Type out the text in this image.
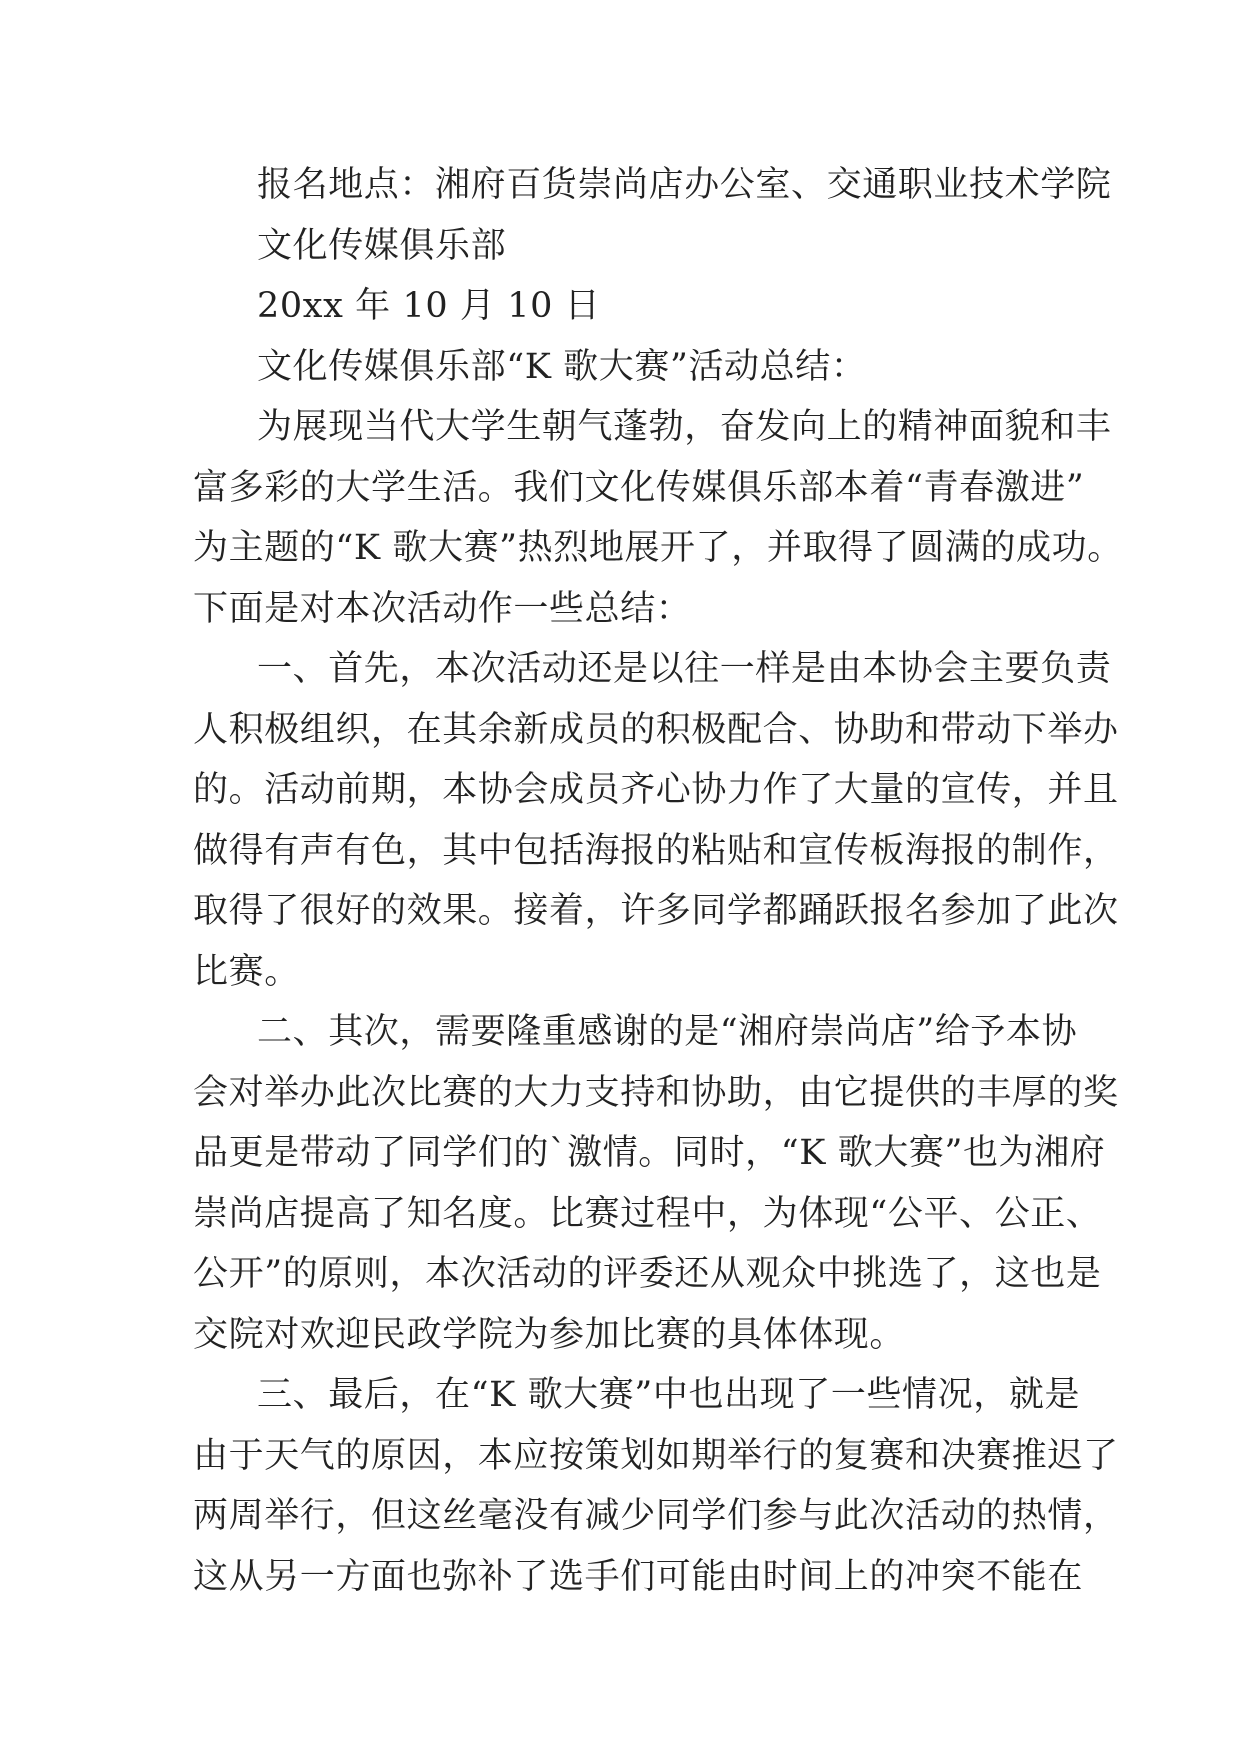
报名地点：湘府百货崇尚店办公室、交通职业技术学院
文化传媒俱乐部
20xx 年 10 月 10 日
文化传媒俱乐部“K 歌大赛”活动总结：
为展现当代大学生朝气蓬勃，奋发向上的精神面貌和丰
富多彩的大学生活。我们文化传媒俱乐部本着“青春激进”
为主题的“K 歌大赛”热烈地展开了，并取得了圆满的成功。
下面是对本次活动作一些总结：
一、首先，本次活动还是以往一样是由本协会主要负责
人积极组织，在其余新成员的积极配合、协助和带动下举办
的。活动前期，本协会成员齐心协力作了大量的宣传，并且
做得有声有色，其中包括海报的粘贴和宣传板海报的制作，
取得了很好的效果。接着，许多同学都踊跃报名参加了此次
比赛。
二、其次，需要隆重感谢的是“湘府崇尚店”给予本协
会对举办此次比赛的大力支持和协助，由它提供的丰厚的奖
品更是带动了同学们的`激情。同时，“K 歌大赛”也为湘府
崇尚店提高了知名度。比赛过程中，为体现“公平、公正、
公开”的原则，本次活动的评委还从观众中挑选了，这也是
交院对欢迎民政学院为参加比赛的具体体现。
三、最后，在“K 歌大赛”中也出现了一些情况，就是
由于天气的原因，本应按策划如期举行的复赛和决赛推迟了
两周举行，但这丝毫没有减少同学们参与此次活动的热情，
这从另一方面也弥补了选手们可能由时间上的冲突不能在
